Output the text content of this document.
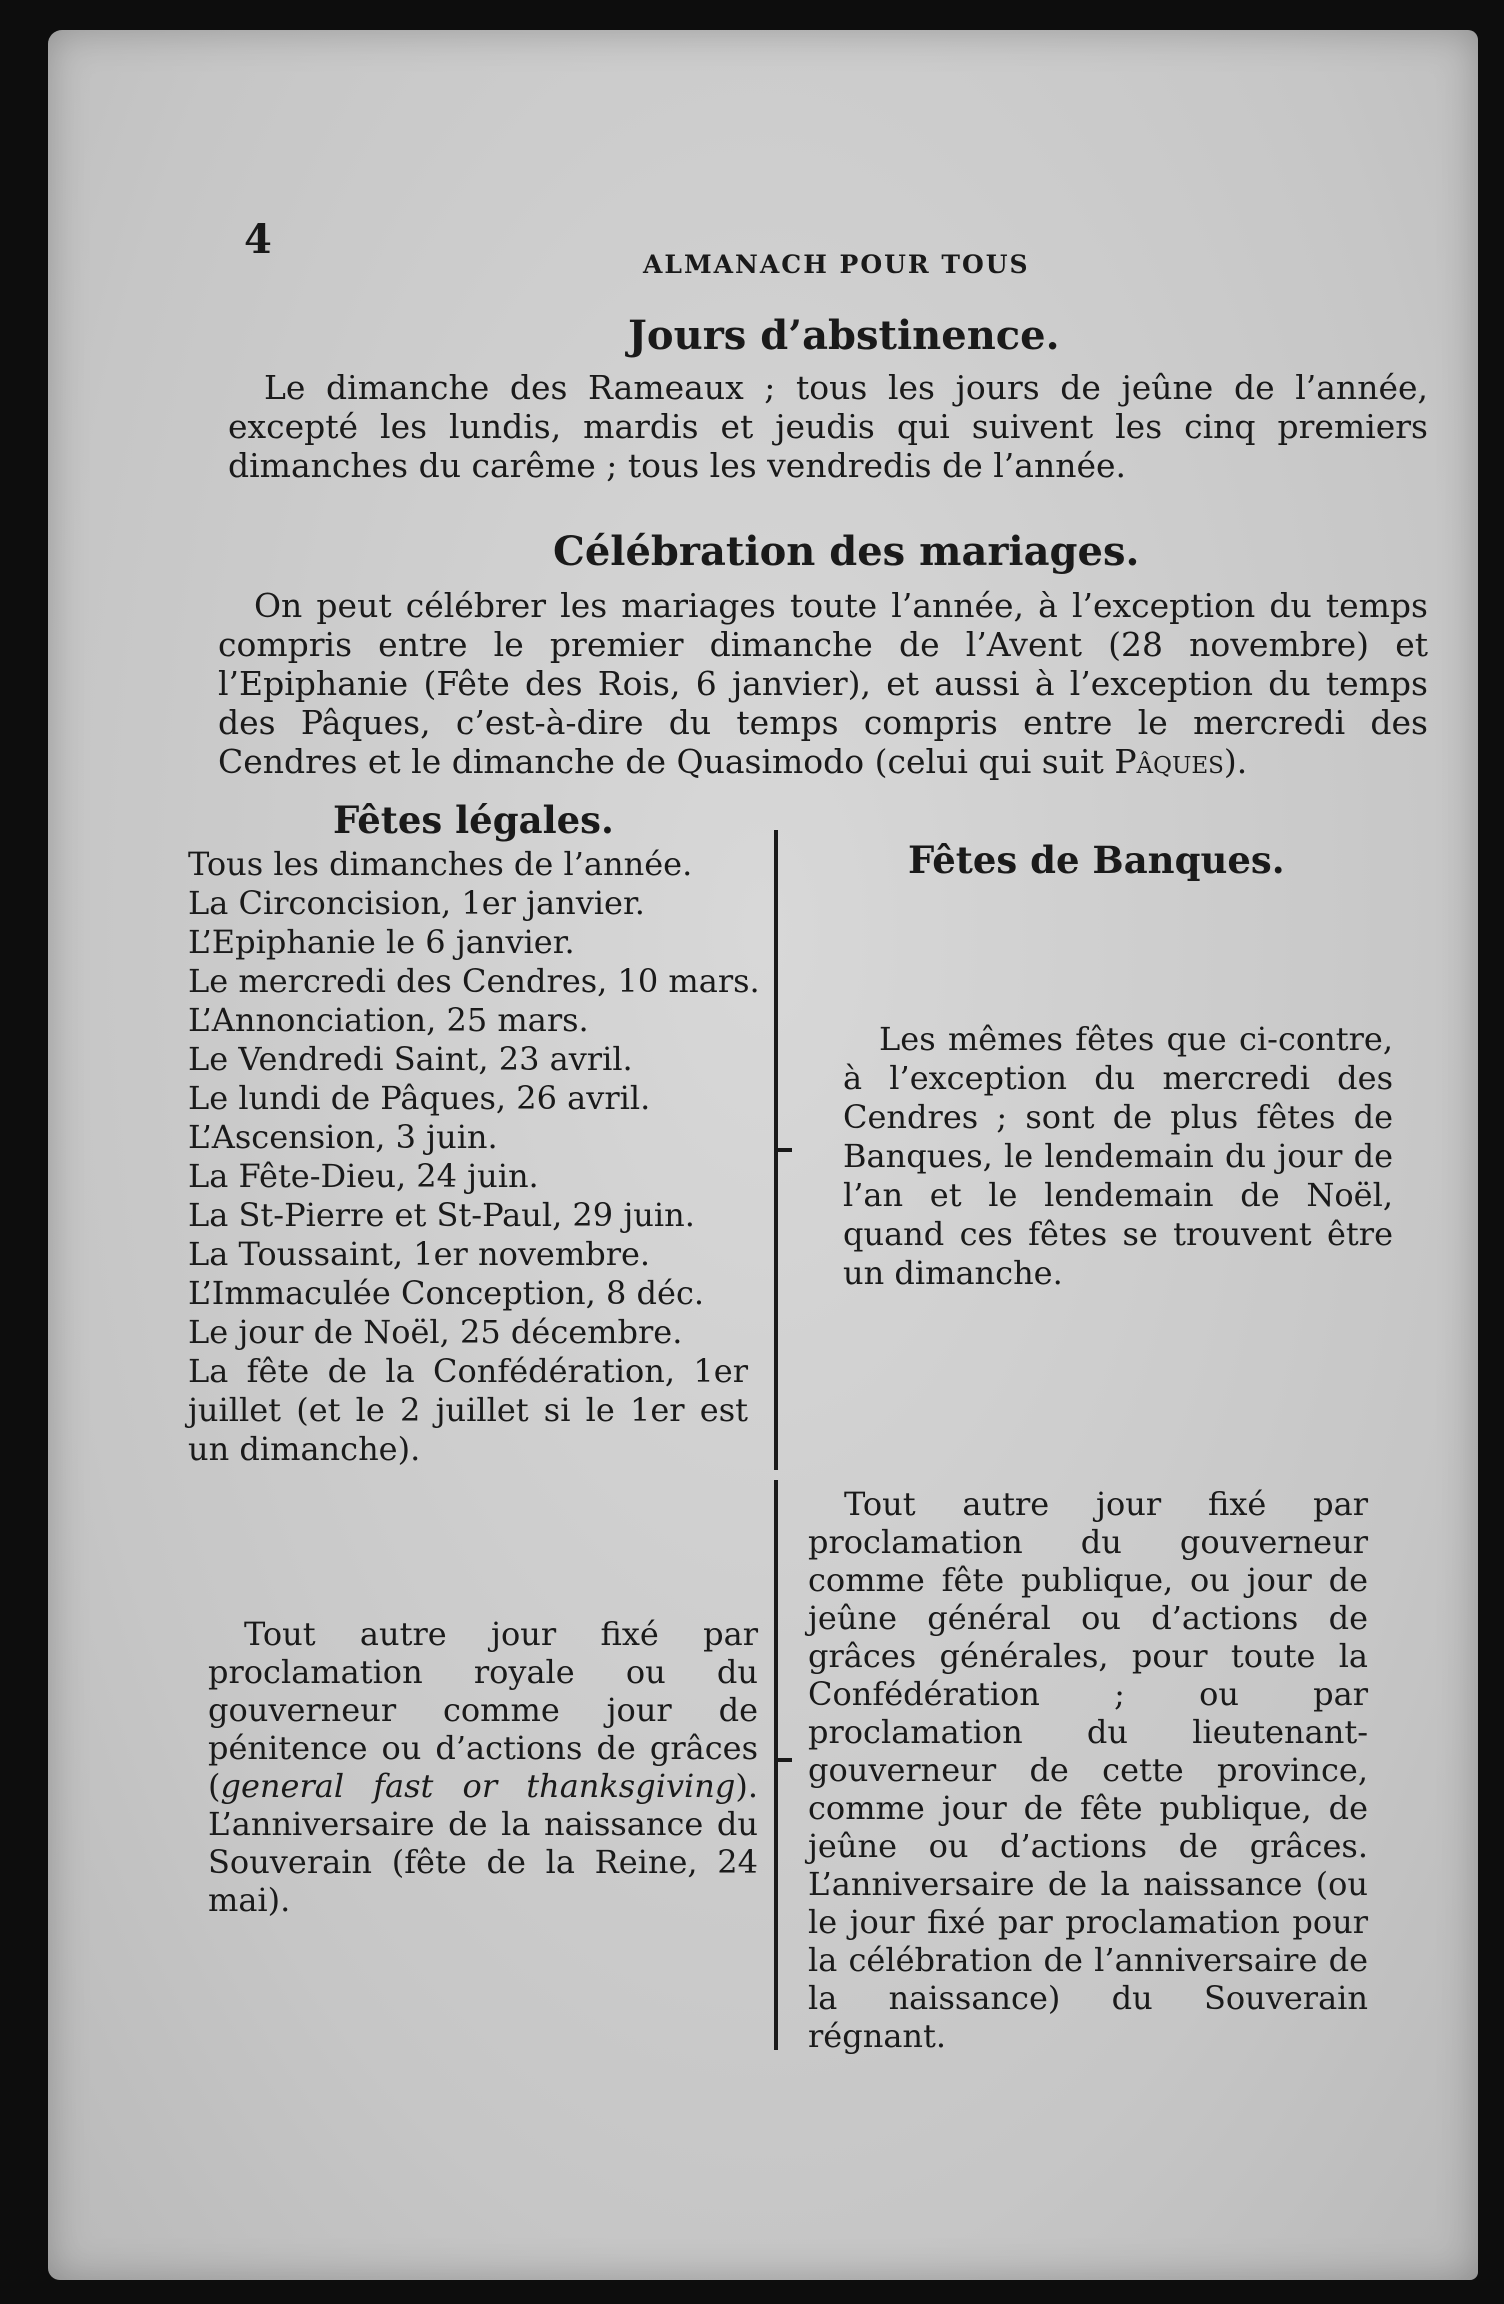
4
ALMANACH POUR TOUS
Jours d’abstinence.
Le dimanche des Rameaux ; tous les jours de jeûne de l’année, excepté les lundis, mardis et jeudis qui suivent les cinq premiers dimanches du carême ; tous les vendredis de l’année.
Célébration des mariages.
On peut célébrer les mariages toute l’année, à l’exception du temps compris entre le premier dimanche de l’Avent (28 novembre) et l’Epiphanie (Fête des Rois, 6 janvier), et aussi à l’exception du temps des Pâques, c’est-à-dire du temps compris entre le mercredi des Cendres et le dimanche de Quasimodo (celui qui suit Pâques).
Fêtes légales.
Tous les dimanches de l’année.
La Circoncision, 1er janvier.
L’Epiphanie le 6 janvier.
Le mercredi des Cendres, 10 mars.
L’Annonciation, 25 mars.
Le Vendredi Saint, 23 avril.
Le lundi de Pâques, 26 avril.
L’Ascension, 3 juin.
La Fête-Dieu, 24 juin.
La St-Pierre et St-Paul, 29 juin.
La Toussaint, 1er novembre.
L’Immaculée Conception, 8 déc.
Le jour de Noël, 25 décembre.
La fête de la Confédération, 1er juillet (et le 2 juillet si le 1er est un dimanche).
Fêtes de Banques.
Les mêmes fêtes que ci-contre, à l’exception du mercredi des Cendres ; sont de plus fêtes de Banques, le lendemain du jour de l’an et le lendemain de Noël, quand ces fêtes se trouvent être un dimanche.
Tout autre jour fixé par proclamation royale ou du gouverneur comme jour de pénitence ou d’actions de grâces (general fast or thanksgiving). L’anniversaire de la naissance du Souverain (fête de la Reine, 24 mai).
Tout autre jour fixé par proclamation du gouverneur comme fête publique, ou jour de jeûne général ou d’actions de grâces générales, pour toute la Confédération ; ou par proclamation du lieutenant-gouverneur de cette province, comme jour de fête publique, de jeûne ou d’actions de grâces. L’anniversaire de la naissance (ou le jour fixé par proclamation pour la célébration de l’anniversaire de la naissance) du Souverain régnant.
